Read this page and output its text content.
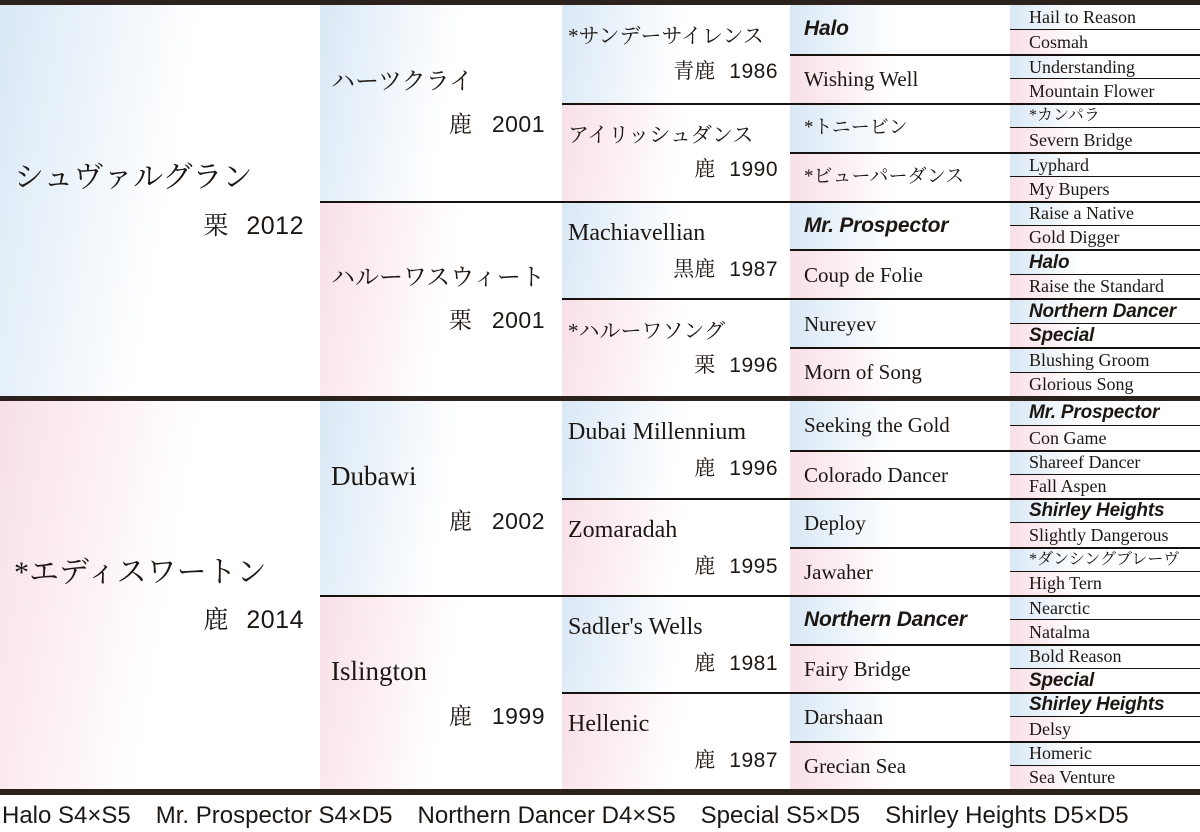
シュヴァルグラン
栗 2012
ハーツクライ
鹿 2001
ハルーワスウィート
栗 2001
*サンデーサイレンス
青鹿 1986
アイリッシュダンス
鹿 1990
Machiavellian
黒鹿 1987
*ハルーワソング
栗 1996
Halo
Wishing Well
*トニービン
*ビューパーダンス
Mr. Prospector
Coup de Folie
Nureyev
Morn of Song
Hail to Reason
Cosmah
Understanding
Mountain Flower
*カンパラ
Severn Bridge
Lyphard
My Bupers
Raise a Native
Gold Digger
Halo
Raise the Standard
Northern Dancer
Special
Blushing Groom
Glorious Song
*エディスワートン
鹿 2014
Dubawi
鹿 2002
Islington
鹿 1999
Dubai Millennium
鹿 1996
Zomaradah
鹿 1995
Sadler's Wells
鹿 1981
Hellenic
鹿 1987
Seeking the Gold
Colorado Dancer
Deploy
Jawaher
Northern Dancer
Fairy Bridge
Darshaan
Grecian Sea
Mr. Prospector
Con Game
Shareef Dancer
Fall Aspen
Shirley Heights
Slightly Dangerous
*ダンシングブレーヴ
High Tern
Nearctic
Natalma
Bold Reason
Special
Shirley Heights
Delsy
Homeric
Sea Venture
Halo S4×S5 Mr. Prospector S4×D5 Northern Dancer D4×S5 Special S5×D5 Shirley Heights D5×D5
